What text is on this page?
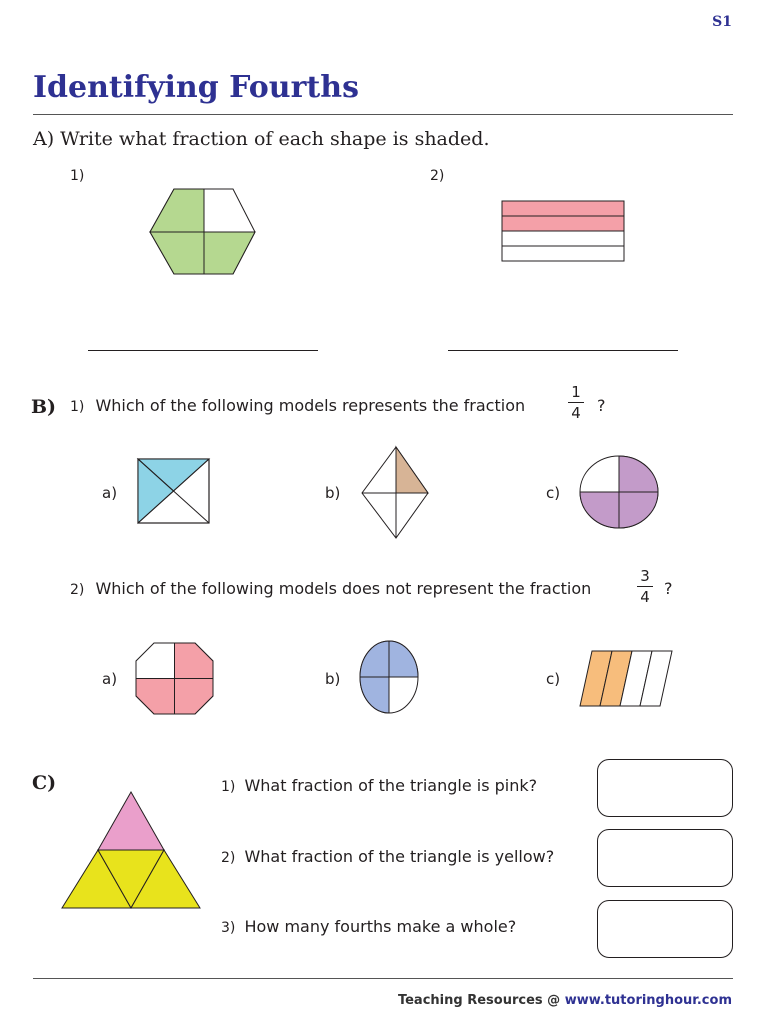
S1
Identifying Fourths
A) Write what fraction of each shape is shaded.
1)	2)
B) 1) Which of the following models represents the fraction
1
4 ?
a)	b)	c)
2) Which of the following models does not represent the fraction
3
4 ?
a)	b)	c)
C)	1) What fraction of the triangle is pink?
2) What fraction of the triangle is yellow?
3) How many fourths make a whole?
Teaching Resources @ www.tutoringhour.com
